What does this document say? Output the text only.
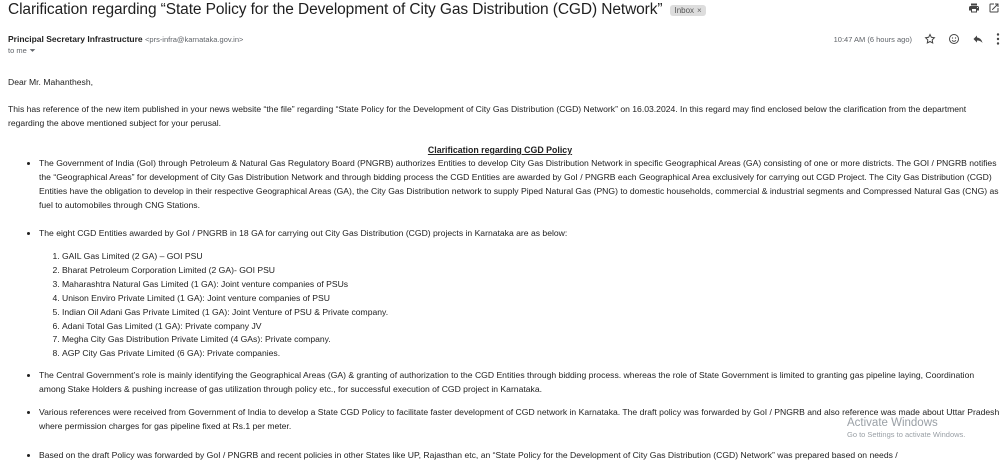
Clarification regarding “State Policy for the Development of City Gas Distribution (CGD) Network” Inbox ×
Principal Secretary Infrastructure <prs-infra@karnataka.gov.in>
to me
10:47 AM (6 hours ago)
Dear Mr. Mahanthesh,
This has reference of the new item published in your news website “the file” regarding “State Policy for the Development of City Gas Distribution (CGD) Network” on 16.03.2024. In this regard may find enclosed below the clarification from the department regarding the above mentioned subject for your perusal.
Clarification regarding CGD Policy
• The Government of India (GoI) through Petroleum & Natural Gas Regulatory Board (PNGRB) authorizes Entities to develop City Gas Distribution Network in specific Geographical Areas (GA) consisting of one or more districts. The GOI / PNGRB notifies the “Geographical Areas” for development of City Gas Distribution Network and through bidding process the CGD Entities are awarded by GoI / PNGRB each Geographical Area exclusively for carrying out CGD Project. The City Gas Distribution (CGD) Entities have the obligation to develop in their respective Geographical Areas (GA), the City Gas Distribution network to supply Piped Natural Gas (PNG) to domestic households, commercial & industrial segments and Compressed Natural Gas (CNG) as fuel to automobiles through CNG Stations.
• The eight CGD Entities awarded by GoI / PNGRB in 18 GA for carrying out City Gas Distribution (CGD) projects in Karnataka are as below:
1. GAIL Gas Limited (2 GA) – GOI PSU
2. Bharat Petroleum Corporation Limited (2 GA)- GOI PSU
3. Maharashtra Natural Gas Limited (1 GA): Joint venture companies of PSUs
4. Unison Enviro Private Limited (1 GA): Joint venture companies of PSU
5. Indian Oil Adani Gas Private Limited (1 GA): Joint Venture of PSU & Private company.
6. Adani Total Gas Limited (1 GA): Private company JV
7. Megha City Gas Distribution Private Limited (4 GAs): Private company.
8. AGP City Gas Private Limited (6 GA): Private companies.
• The Central Government’s role is mainly identifying the Geographical Areas (GA) & granting of authorization to the CGD Entities through bidding process. whereas the role of State Government is limited to granting gas pipeline laying, Coordination among Stake Holders & pushing increase of gas utilization through policy etc., for successful execution of CGD project in Karnataka.
• Various references were received from Government of India to develop a State CGD Policy to facilitate faster development of CGD network in Karnataka. The draft policy was forwarded by GoI / PNGRB and also reference was made about Uttar Pradesh where permission charges for gas pipeline fixed at Rs.1 per meter.
• Based on the draft Policy was forwarded by GoI / PNGRB and recent policies in other States like UP, Rajasthan etc, an “State Policy for the Development of City Gas Distribution (CGD) Network” was prepared based on needs /
Activate Windows
Go to Settings to activate Windows.
